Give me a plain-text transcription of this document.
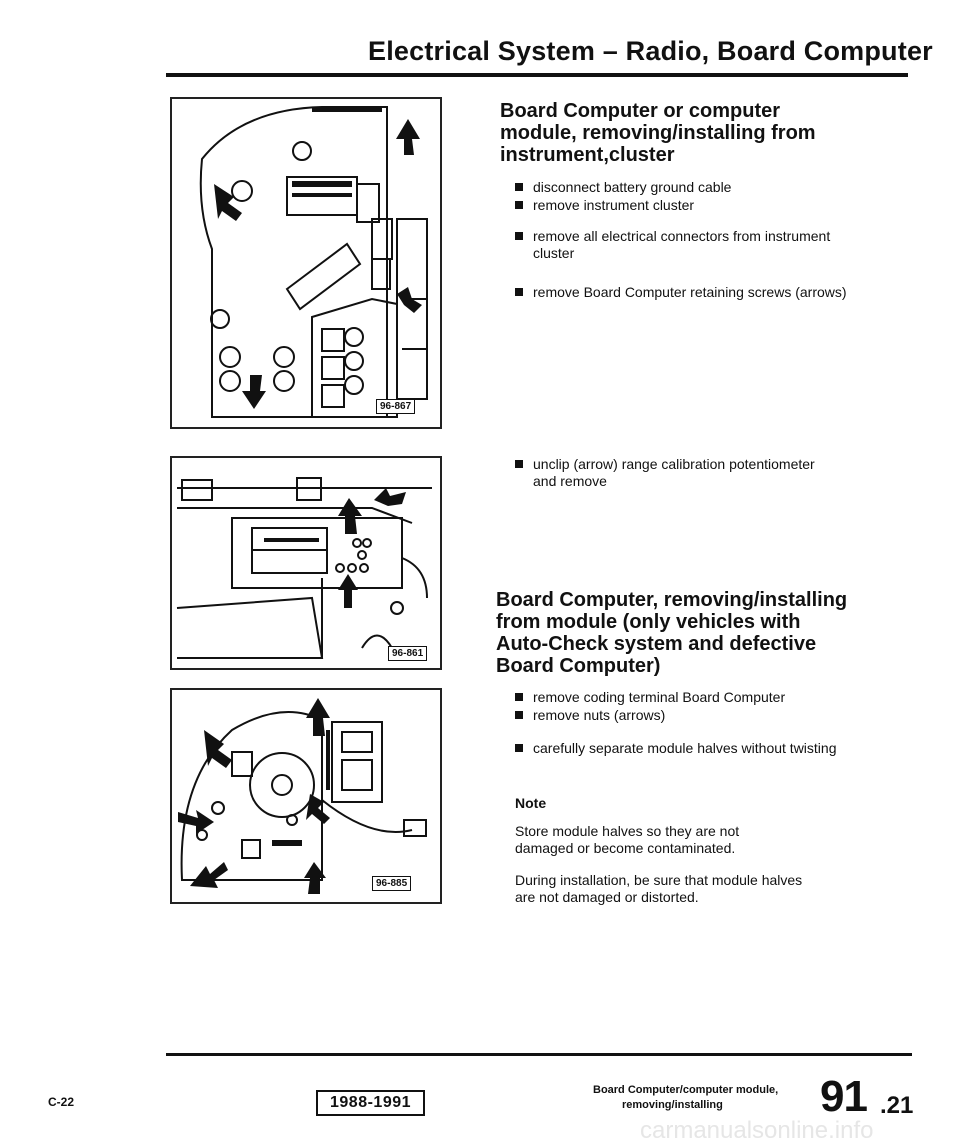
Electrical System – Radio, Board Computer
96-867
96-861
96-885
Board Computer or computer
module, removing/installing from
instrument,cluster
disconnect battery ground cable
remove instrument cluster
remove all electrical connectors from instrument cluster
remove Board Computer retaining screws (arrows)
unclip (arrow) range calibration potentiometer and remove
Board Computer, removing/installing
from module (only vehicles with
Auto-Check system and defective
Board Computer)
remove coding terminal Board Computer
remove nuts (arrows)
carefully separate module halves without twisting
Note
Store module halves so they are not damaged or become contaminated.
During installation, be sure that module halves are not damaged or distorted.
C-22	1988-1991
Board Computer/computer module,
removing/installing 91 .21
carmanualsonline.info
